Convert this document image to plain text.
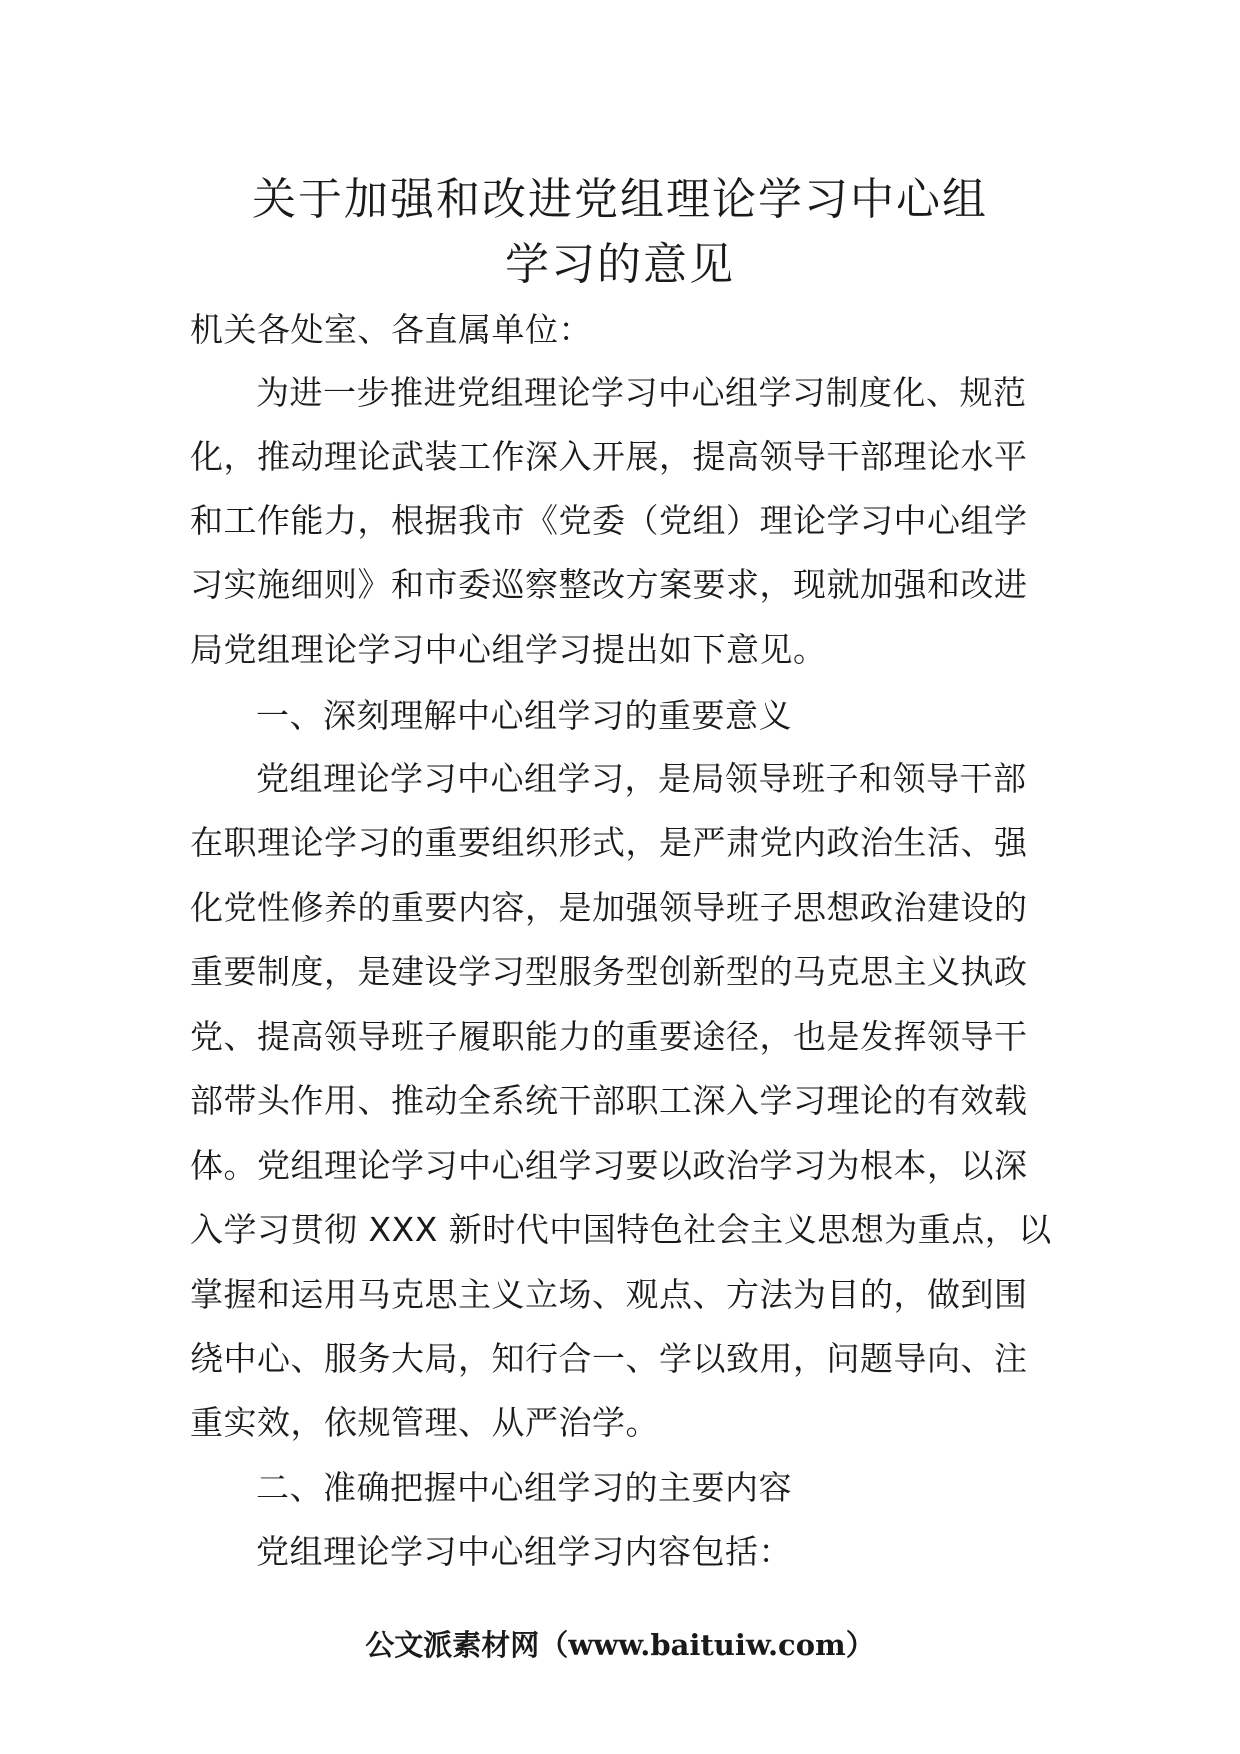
关于加强和改进党组理论学习中心组
学习的意见
机关各处室、各直属单位：
为进一步推进党组理论学习中心组学习制度化、规范
化，推动理论武装工作深入开展，提高领导干部理论水平
和工作能力，根据我市《党委（党组）理论学习中心组学
习实施细则》和市委巡察整改方案要求，现就加强和改进
局党组理论学习中心组学习提出如下意见。
一、深刻理解中心组学习的重要意义
党组理论学习中心组学习，是局领导班子和领导干部
在职理论学习的重要组织形式，是严肃党内政治生活、强
化党性修养的重要内容，是加强领导班子思想政治建设的
重要制度，是建设学习型服务型创新型的马克思主义执政
党、提高领导班子履职能力的重要途径，也是发挥领导干
部带头作用、推动全系统干部职工深入学习理论的有效载
体。党组理论学习中心组学习要以政治学习为根本，以深
入学习贯彻 XXX 新时代中国特色社会主义思想为重点，以
掌握和运用马克思主义立场、观点、方法为目的，做到围
绕中心、服务大局，知行合一、学以致用，问题导向、注
重实效，依规管理、从严治学。
二、准确把握中心组学习的主要内容
党组理论学习中心组学习内容包括：
公文派素材网（www.baituiw.com）
